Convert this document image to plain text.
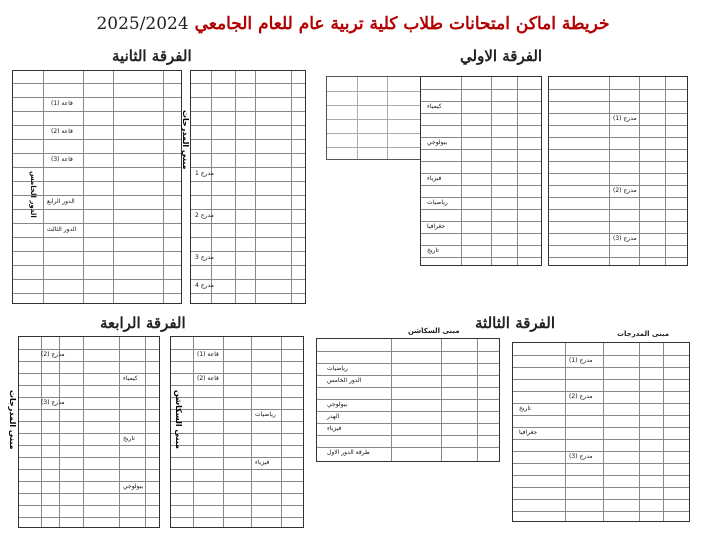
خريطة اماكن امتحانات طلاب كلية تربية عام للعام الجامعي 2025/2024
الفرقة الثانية	الفرقة الاولي
الفرقة الرابعة	الفرقة الثالثة
مبنى السكاشن	مبنى المدرجات
قاعة (1)
قاعة (2)
قاعة (3)
الدور الرابع
الدور الثالث
الدور الخامس	مدرج 1
مدرج 2
مدرج 3
مدرج 4
مبنى المدرجات
كيمياء
بيولوجي
فيزياء
رياضيات
جغرافيا
تاريخ
مدرج (1)
مدرج (2)
مدرج (3)
مدرج (2)
مدرج (3)
كيمياء
تاريخ
بيولوجي
مبنى المدرجات
قاعة (1)
قاعة (2)
رياضيات
فيزياء
مبنى السكاشن
رياضيات
الدور الخامس
بيولوجي
الهدر
فيزياء
طرقة الدور الاول
مدرج (1)
مدرج (2)
مدرج (3)
تاريخ
جغرافيا
